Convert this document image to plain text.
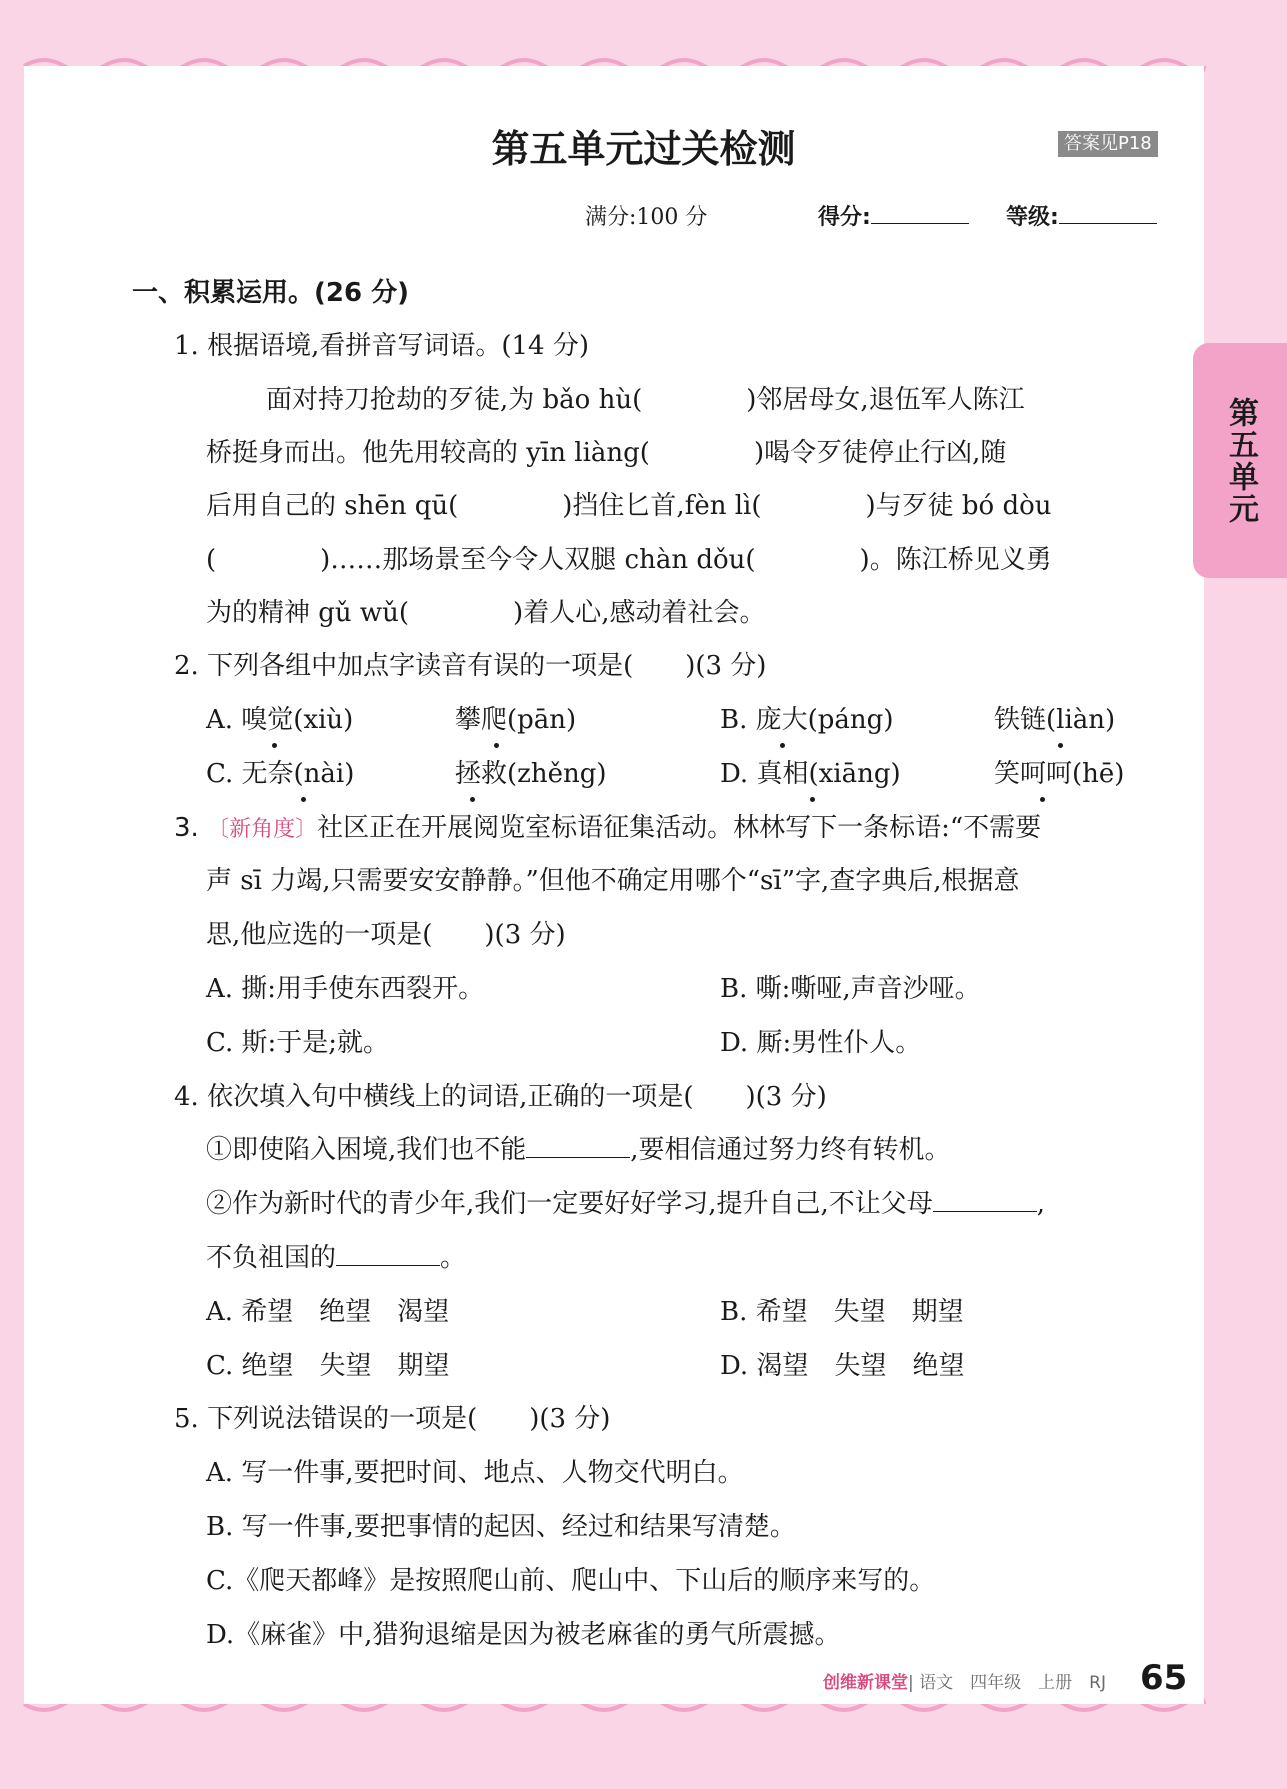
第五单元
第五单元过关检测	答案见P18
满分:100 分	得分:	等级:
一、积累运用。(26 分)
1. 根据语境,看拼音写词语。(14 分)
面对持刀抢劫的歹徒,为 bǎo hù(　　　　)邻居母女,退伍军人陈江
桥挺身而出。他先用较高的 yīn liàng(　　　　)喝令歹徒停止行凶,随
后用自己的 shēn qū(　　　　)挡住匕首,fèn lì(　　　　)与歹徒 bó dòu
(　　　　)……那场景至今令人双腿 chàn dǒu(　　　　)。陈江桥见义勇
为的精神 gǔ wǔ(　　　　)着人心,感动着社会。
2. 下列各组中加点字读音有误的一项是(　　)(3 分)
A. 嗅觉(xiù)	攀爬(pān)	B. 庞大(páng)	铁链(liàn)
C. 无奈(nài)	拯救(zhěng)	D. 真相(xiāng)	笑呵呵(hē)
3. 〔新角度〕社区正在开展阅览室标语征集活动。林林写下一条标语:“不需要
声 sī 力竭,只需要安安静静。”但他不确定用哪个“sī”字,查字典后,根据意
思,他应选的一项是(　　)(3 分)
A. 撕:用手使东西裂开。	B. 嘶:嘶哑,声音沙哑。
C. 斯:于是;就。	D. 厮:男性仆人。
4. 依次填入句中横线上的词语,正确的一项是(　　)(3 分)
①即使陷入困境,我们也不能	,要相信通过努力终有转机。
②作为新时代的青少年,我们一定要好好学习,提升自己,不让父母	,
不负祖国的	。
A. 希望　绝望　渴望	B. 希望　失望　期望
C. 绝望　失望　期望	D. 渴望　失望　绝望
5. 下列说法错误的一项是(　　)(3 分)
A. 写一件事,要把时间、地点、人物交代明白。
B. 写一件事,要把事情的起因、经过和结果写清楚。
C.《爬天都峰》是按照爬山前、爬山中、下山后的顺序来写的。
D.《麻雀》中,猎狗退缩是因为被老麻雀的勇气所震撼。
创维新课堂| 语文　四年级　上册　RJ 65
